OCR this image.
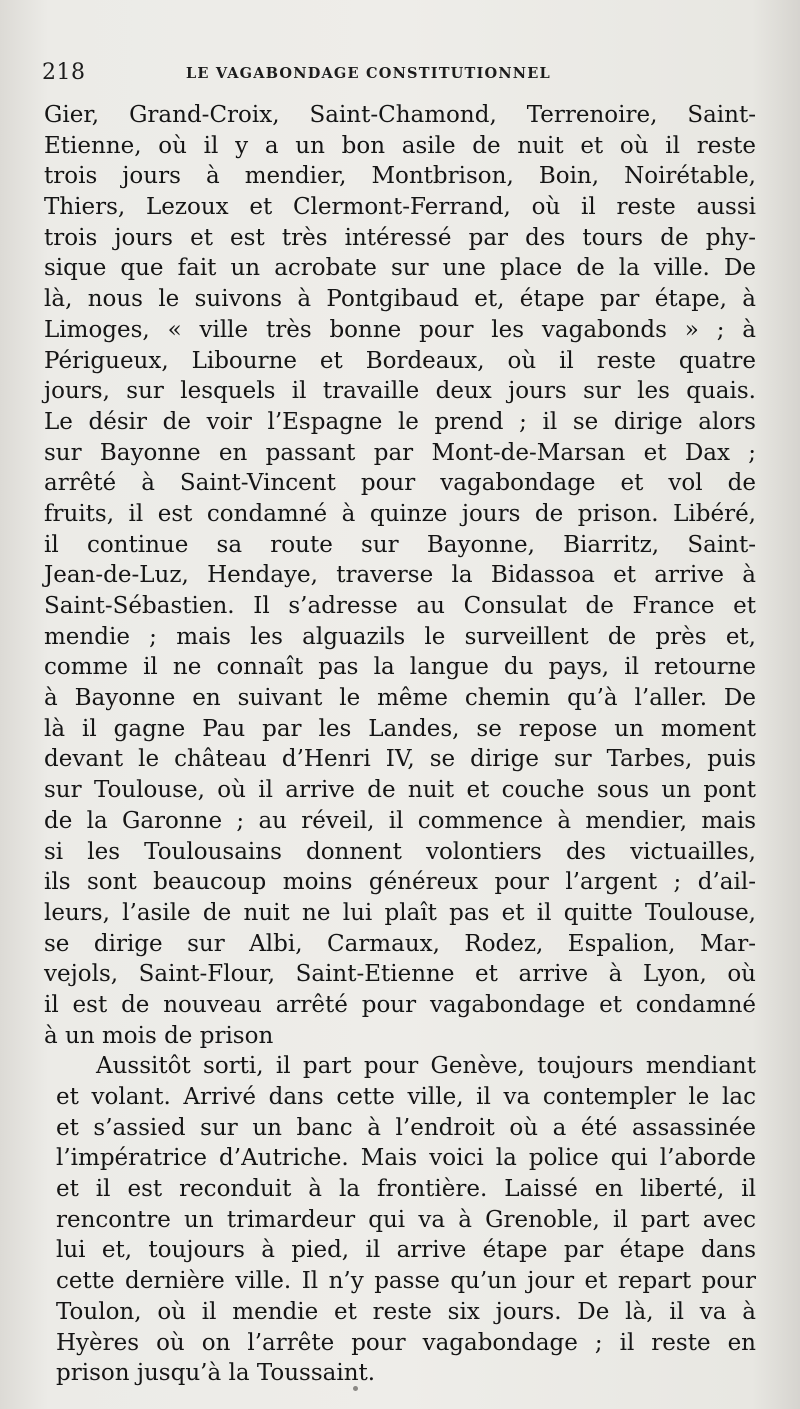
218	LE VAGABONDAGE CONSTITUTIONNEL
Gier, Grand-Croix, Saint-Chamond, Terrenoire, Saint-
Etienne, où il y a un bon asile de nuit et où il reste
trois jours à mendier, Montbrison, Boin, Noirétable,
Thiers, Lezoux et Clermont-Ferrand, où il reste aussi
trois jours et est très intéressé par des tours de phy-
sique que fait un acrobate sur une place de la ville. De
là, nous le suivons à Pontgibaud et, étape par étape, à
Limoges, « ville très bonne pour les vagabonds » ; à
Périgueux, Libourne et Bordeaux, où il reste quatre
jours, sur lesquels il travaille deux jours sur les quais.
Le désir de voir l’Espagne le prend ; il se dirige alors
sur Bayonne en passant par Mont-de-Marsan et Dax ;
arrêté à Saint-Vincent pour vagabondage et vol de
fruits, il est condamné à quinze jours de prison. Libéré,
il continue sa route sur Bayonne, Biarritz, Saint-
Jean-de-Luz, Hendaye, traverse la Bidassoa et arrive à
Saint-Sébastien. Il s’adresse au Consulat de France et
mendie ; mais les alguazils le surveillent de près et,
comme il ne connaît pas la langue du pays, il retourne
à Bayonne en suivant le même chemin qu’à l’aller. De
là il gagne Pau par les Landes, se repose un moment
devant le château d’Henri IV, se dirige sur Tarbes, puis
sur Toulouse, où il arrive de nuit et couche sous un pont
de la Garonne ; au réveil, il commence à mendier, mais
si les Toulousains donnent volontiers des victuailles,
ils sont beaucoup moins généreux pour l’argent ; d’ail-
leurs, l’asile de nuit ne lui plaît pas et il quitte Toulouse,
se dirige sur Albi, Carmaux, Rodez, Espalion, Mar-
vejols, Saint-Flour, Saint-Etienne et arrive à Lyon, où
il est de nouveau arrêté pour vagabondage et condamné
à un mois de prison
Aussitôt sorti, il part pour Genève, toujours mendiant
et volant. Arrivé dans cette ville, il va contempler le lac
et s’assied sur un banc à l’endroit où a été assassinée
l’impératrice d’Autriche. Mais voici la police qui l’aborde
et il est reconduit à la frontière. Laissé en liberté, il
rencontre un trimardeur qui va à Grenoble, il part avec
lui et, toujours à pied, il arrive étape par étape dans
cette dernière ville. Il n’y passe qu’un jour et repart pour
Toulon, où il mendie et reste six jours. De là, il va à
Hyères où on l’arrête pour vagabondage ; il reste en
prison jusqu’à la Toussaint.
